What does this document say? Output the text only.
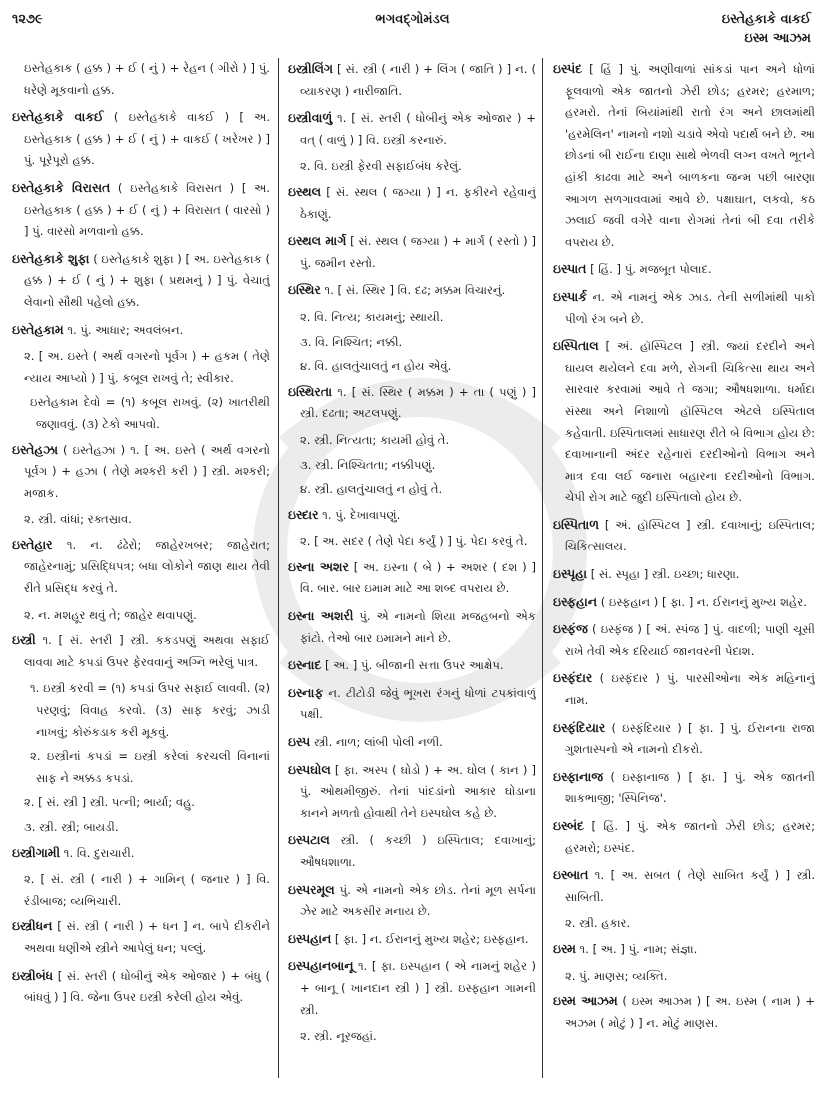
૧૨૭૯	ભગવદ્ગોમંડલ	ઇસ્તેહકાકે વાકઈ
ઇસ્મ આઝમ

ઇસ્તેહકાક ( હક્ક ) + ઈ ( નું ) + રેહન ( ગીરો ) ] પું. ધરેણે મૂકવાનો હક્ક.

ઇસ્તેહકાકે વાકઈ ( ઇસ્તેહકાકે વાકઈ ) [ અ. ઇસ્તેહકાક ( હક્ક ) + ઈ ( નું ) + વાકઈ ( ખરેખર ) ] પું. પૂરેપૂરો હક્ક.

ઇસ્તેહકાકે વિરાસત ( ઇસ્તેહકાકે વિરાસત ) [ અ. ઇસ્તેહકાક ( હક્ક ) + ઈ ( નું ) + વિરાસત ( વારસો ) ] પું. વારસો મળવાનો હક્ક.

ઇસ્તેહકાકે શુફા ( ઇસ્તેહકાકે શુફા ) [ અ. ઇસ્તેહકાક ( હક્ક ) + ઈ ( નું ) + શુફા ( પ્રથમનું ) ] પું. વેચાતું લેવાનો સૌથી પહેલો હક્ક.

ઇસ્તેહકામ ૧. પું. આધાર; અવલંબન.

૨. [ અ. ઇસ્તે ( અર્થ વગરનો પૂર્વગ ) + હકમ ( તેણે ન્યાય આપ્યો ) ] પું. કબૂલ રાખવું તે; સ્વીકાર.

ઇસ્તેહકામ દેવો = (૧) કબૂલ રાખવું. (૨) ખાતરીથી જણાવવું. (૩) ટેકો આપવો.

ઇસ્તેહઝા ( ઇસ્તેહઝા ) ૧. [ અ. ઇસ્તે ( અર્થ વગરનો પૂર્વગ ) + હઝા ( તેણે મશ્કરી કરી ) ] સ્ત્રી. મશ્કરી; મજાક.

૨. સ્ત્રી. વાંધાં; રક્તસ્રાવ.

ઇસ્તેહાર ૧. ન. ઢંઢેરો; જાહેરખબર; જાહેરાત; જાહેરનામું; પ્રસિદ્ધિપત્ર; બધા લોકોને જાણ થાય તેવી રીતે પ્રસિદ્ધ કરવું તે.

૨. ન. મશહૂર થવું તે; જાહેર થવાપણું.

ઇસ્ત્રી ૧. [ સં. સ્તરી ] સ્ત્રી. કકડપણું અથવા સફાઈ લાવવા માટે કપડાં ઉપર ફેરવવાનું અગ્નિ ભરેલું પાત્ર.

૧. ઇસ્ત્રી કરવી = (૧) કપડાં ઉપર સફાઈ લાવવી. (૨) પરણવું; વિવાહ કરવો. (૩) સાફ કરવું; ઝાડી નાખવું; કોરુંકડાક કરી મૂકવું.

૨. ઇસ્ત્રીનાં કપડાં = ઇસ્ત્રી કરેલાં કરચલી વિનાનાં સાફ ને અક્કડ કપડાં.

૨. [ સં. સ્ત્રી ] સ્ત્રી. પત્ની; ભાર્યા; વહુ.

૩. સ્ત્રી. સ્ત્રી; બાયડી.

ઇસ્ત્રીગામી ૧. વિ. દુરાચારી.

૨. [ સં. સ્ત્રી ( નારી ) + ગામિન્ ( જનાર ) ] વિ. રંડીબાજ; વ્યભિચારી.

ઇસ્ત્રીધન [ સં. સ્ત્રી ( નારી ) + ધન ] ન. બાપે દીકરીને અથવા ધણીએ સ્ત્રીને આપેલું ધન; પલ્લું.

ઇસ્ત્રીબંધ [ સં. સ્તરી ( ધોબીનું એક ઓજાર ) + બંધુ ( બાંધવું ) ] વિ. જેના ઉપર ઇસ્ત્રી કરેલી હોય એવું.

ઇસ્ત્રીલિંગ [ સં. સ્ત્રી ( નારી ) + લિંગ ( જાતિ ) ] ન. ( વ્યાકરણ ) નારીજાતિ.

ઇસ્ત્રીવાળું ૧. [ સં. સ્તરી ( ધોબીનું એક ઓજાર ) + વત્ ( વાળું ) ] વિ. ઇસ્ત્રી કરનારું.

૨. વિ. ઇસ્ત્રી ફેરવી સફાઈબંધ કરેલું.

ઇસ્થલ [ સં. સ્થલ ( જગ્યા ) ] ન. ફકીરને રહેવાનું ઠેકાણું.

ઇસ્થલ માર્ગ [ સં. સ્થલ ( જગ્યા ) + માર્ગ ( રસ્તો ) ] પું. જમીન રસ્તો.

ઇસ્થિર ૧. [ સં. સ્થિર ] વિ. દઢ; મક્કમ વિચારનું.

૨. વિ. નિત્ય; કાયમનું; સ્થાયી.

૩. વિ. નિશ્ચિત; નક્કી.

૪. વિ. હાલતુંચાલતું ન હોય એવું.

ઇસ્થિરતા ૧. [ સં. સ્થિર ( મક્કમ ) + તા ( પણું ) ] સ્ત્રી. દઢતા; અટલપણું.

૨. સ્ત્રી. નિત્યતા; કાયમી હોવું તે.

૩. સ્ત્રી. નિશ્ચિતતા; નક્કીપણું.

૪. સ્ત્રી. હાલતુંચાલતું ન હોવું તે.

ઇસ્દાર ૧. પું. દેખાવાપણું.

૨. [ અ. સદર ( તેણે પેદા કર્યું ) ] પું. પેદા કરવું તે.

ઇસ્ના અશર [ અ. ઇસ્ના ( બે ) + અશર ( દશ ) ] વિ. બાર. બાર ઇમામ માટે આ શબ્દ વપરાય છે.

ઇસ્ના અશરી પું. એ નામનો શિયા મજહબનો એક ફાંટો. તેઓ બાર ઇમામને માને છે.

ઇસ્નાદ [ અ. ] પું. બીજાની સત્તા ઉપર આક્ષેપ.

ઇસ્નાફ ન. ટીટોડી જેવું ભૂખરા રંગનું ધોળાં ટપકાંવાળું પક્ષી.

ઇસ્પ સ્ત્રી. નાળ; લાંબી પોલી નળી.

ઇસ્પઘોલ [ ફા. અસ્પ ( ઘોડો ) + અ. ઘોલ ( કાન ) ] પું. ઓથમીજીરું. તેનાં પાંદડાંનો આકાર ઘોડાના કાનને મળતો હોવાથી તેને ઇસ્પઘોલ કહે છે.

ઇસ્પટાલ સ્ત્રી. ( કચ્છી ) ઇસ્પિતાલ; દવાખાનું; ઔષધશાળા.

ઇસ્પરમૂલ પું. એ નામનો એક છોડ. તેનાં મૂળ સર્પના ઝેર માટે અકસીર મનાય છે.

ઇસ્પહાન [ ફા. ] ન. ઈરાનનું મુખ્ય શહેર; ઇસ્ફહાન.

ઇસ્પહાનબાનૂ ૧. [ ફા. ઇસ્પહાન ( એ નામનું શહેર ) + બાનૂ ( ખાનદાન સ્ત્રી ) ] સ્ત્રી. ઇસ્ફહાન ગામની સ્ત્રી.

૨. સ્ત્રી. નૂરજહાં.

ઇસ્પંદ [ હિં ] પું. અણીવાળાં સાંકડાં પાન અને ધોળાં ફૂલવાળો એક જાતનો ઝેરી છોડ; હરમર; હરમાળ; હરમરો. તેનાં બિયાંમાંથી રાતો રંગ અને છાલમાંથી 'હરમેલિન' નામનો નશો ચડાવે એવો પદાર્થ બને છે. આ છોડનાં બી રાઈના દાણા સાથે ભેળવી લગ્ન વખતે ભૂતને હાંકી કાઢવા માટે અને બાળકના જન્મ પછી બારણા આગળ સળગાવવામાં આવે છે. પક્ષાઘાત, લકવો, કઠ ઝલાઈ જવી વગેરે વાના રોગમાં તેનાં બી દવા તરીકે વપરાય છે.

ઇસ્પાત [ હિં. ] પું. મજબૂત પોલાદ.

ઇસ્પાર્ક ન. એ નામનું એક ઝાડ. તેની સળીમાંથી પાકો પીળો રંગ બને છે.

ઇસ્પિતાલ [ અં. હૉસ્પિટલ ] સ્ત્રી. જ્યાં દરદીને અને ઘાયલ થયેલને દવા મળે, રોગની ચિકિત્સા થાય અને સારવાર કરવામાં આવે તે જગા; ઔષધશાળા. ધર્માદા સંસ્થા અને નિશાળો હૉસ્પિટલ એટલે ઇસ્પિતાલ કહેવાતી. ઇસ્પિતાલમાં સાધારણ રીતે બે વિભાગ હોય છે: દવાખાનાની અંદર રહેનારાં દરદીઓનો વિભાગ અને માત્ર દવા લઈ જનારા બહારના દરદીઓનો વિભાગ. ચેપી રોગ માટે જુદી ઇસ્પિતાલો હોય છે.

ઇસ્પિતાળ [ અં. હૉસ્પિટલ ] સ્ત્રી. દવાખાનું; ઇસ્પિતાલ; ચિકિત્સાલય.

ઇસ્પૃહા [ સં. સ્પૃહા ] સ્ત્રી. ઇચ્છા; ધારણા.

ઇસ્ફહાન ( ઇસ્ફહાન ) [ ફા. ] ન. ઈરાનનું મુખ્ય શહેર.

ઇસ્ફંજ ( ઇસ્ફંજ ) [ અં. સ્પંજ ] પું. વાદળી; પાણી ચૂસી રાખે તેવી એક દરિયાઈ જાનવરની પેદાશ.

ઇસ્ફંદાર ( ઇસ્ફંદાર ) પું. પારસીઓના એક મહિનાનું નામ.

ઇસ્ફંદિયાર ( ઇસ્ફંદિયાર ) [ ફા. ] પું. ઈરાનના રાજા ગુશતાસ્પનો એ નામનો દીકરો.

ઇસ્ફાનાજ ( ઇસ્ફાનાજ ) [ ફા. ] પું. એક જાતની શાકભાજી; 'સ્પિનિજ'.

ઇસ્બંદ [ હિં. ] પું. એક જાતનો ઝેરી છોડ; હરમર; હરમરો; ઇસ્પંદ.

ઇસ્બાત ૧. [ અ. સબત ( તેણે સાબિત કર્યું ) ] સ્ત્રી. સાબિતી.

૨. સ્ત્રી. હકાર.

ઇસ્મ ૧. [ અ. ] પું. નામ; સંજ્ઞા.

૨. પું. માણસ; વ્યક્તિ.

ઇસ્મ આઝમ ( ઇસ્મ આઝમ ) [ અ. ઇસ્મ ( નામ ) + અઝમ ( મોટું ) ] ન. મોટું માણસ.
